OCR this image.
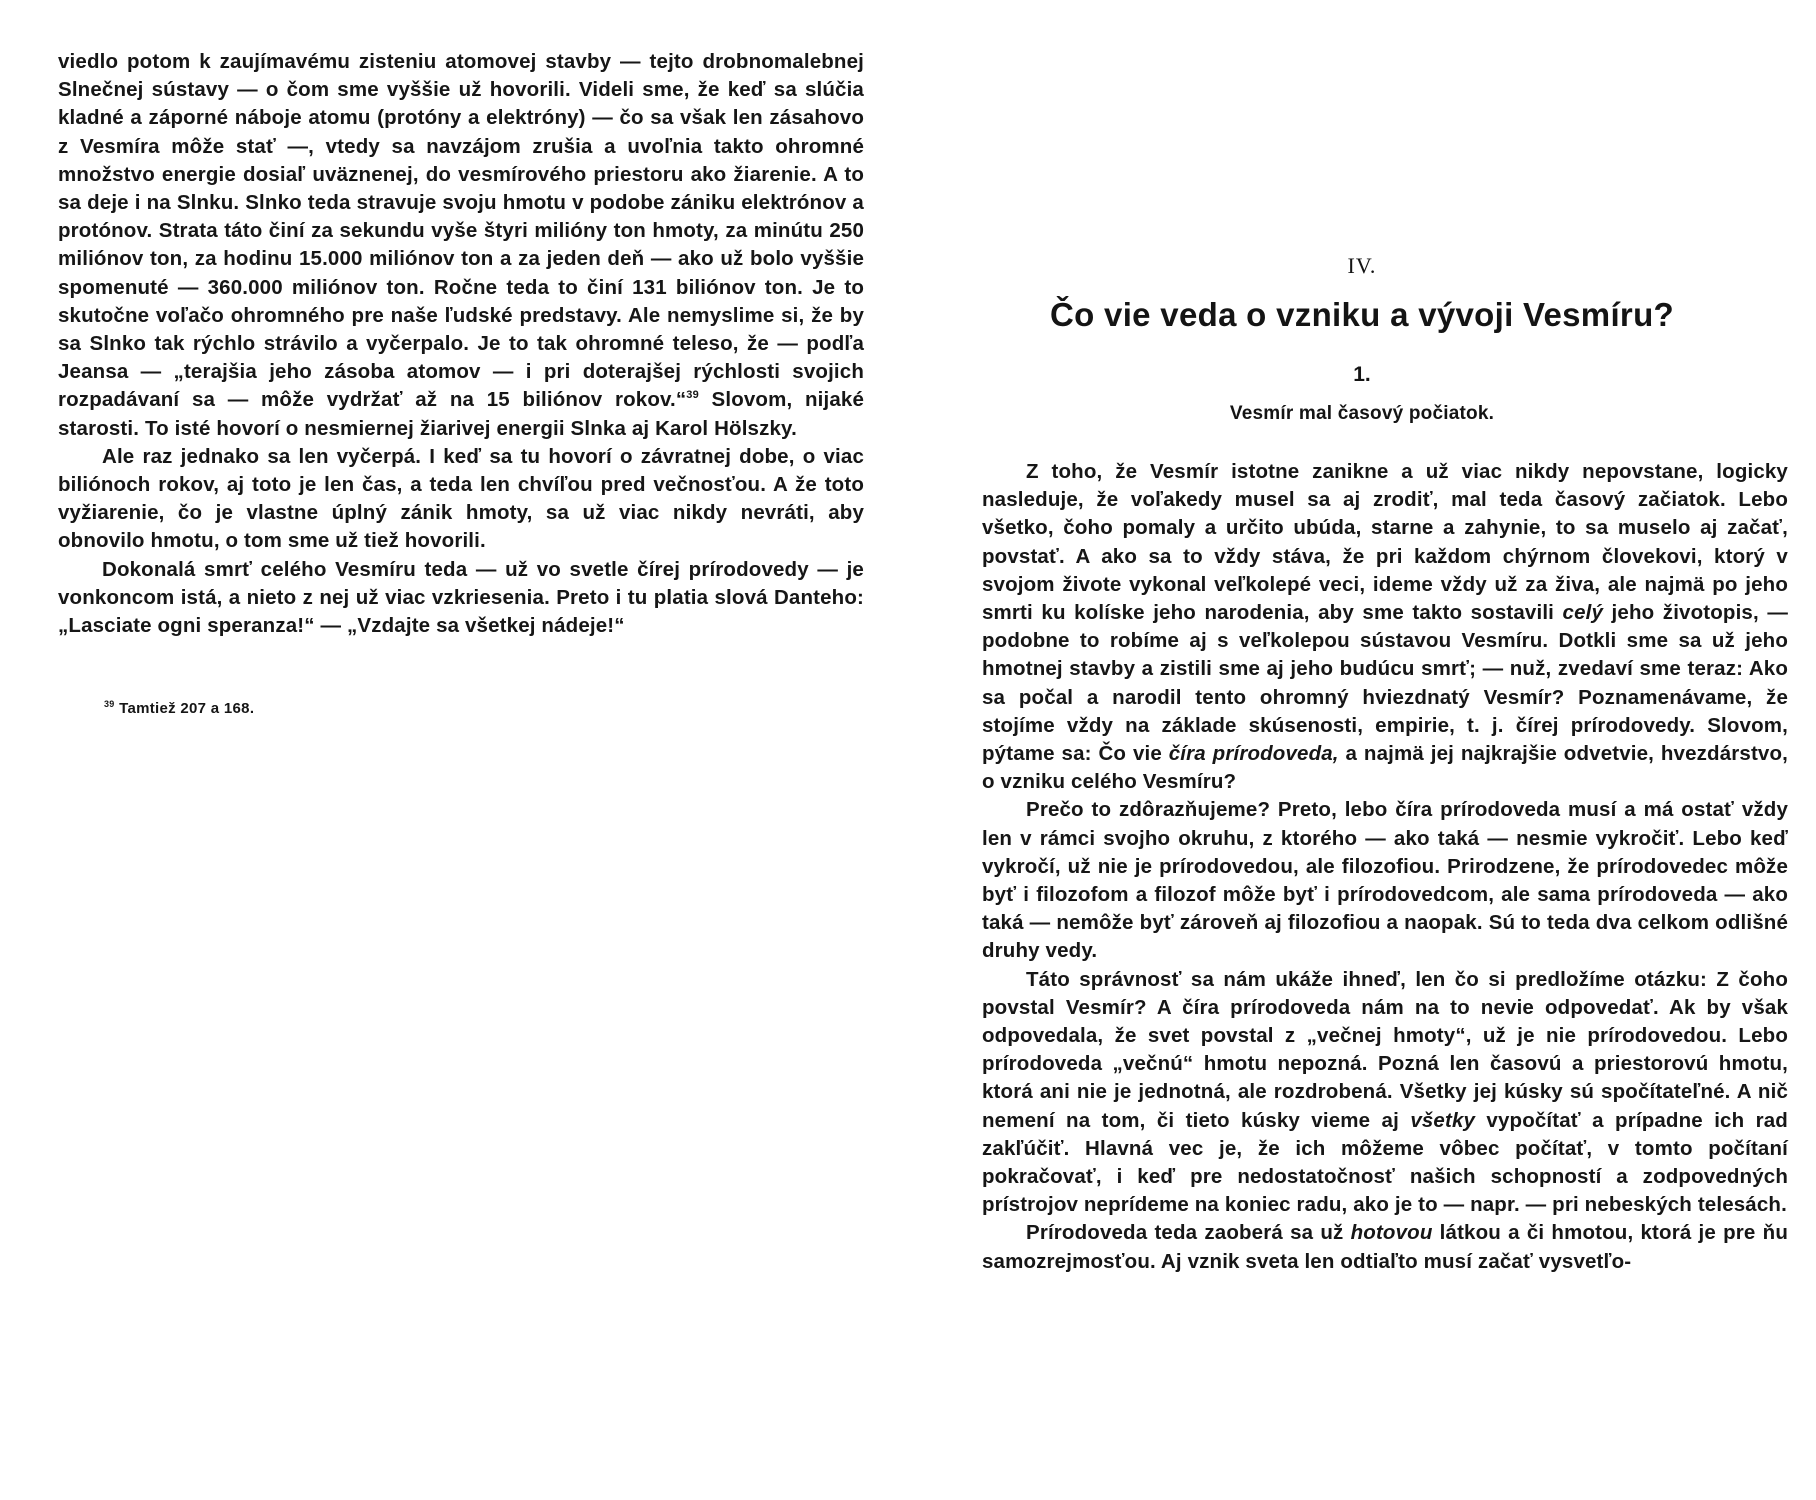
viedlo potom k zaujímavému zisteniu atomovej stavby — tejto drobnomalebnej Slnečnej sústavy — o čom sme vyššie už hovorili. Videli sme, že keď sa slúčia kladné a záporné náboje atomu (protóny a elektróny) — čo sa však len zásahovo z Vesmíra môže stať —, vtedy sa navzájom zrušia a uvoľnia takto ohromné množstvo energie dosiaľ uväznenej, do vesmírového priestoru ako žiarenie. A to sa deje i na Slnku. Slnko teda stravuje svoju hmotu v podobe zániku elektrónov a protónov. Strata táto činí za sekundu vyše štyri milióny ton hmoty, za minútu 250 miliónov ton, za hodinu 15.000 miliónov ton a za jeden deň — ako už bolo vyššie spomenuté — 360.000 miliónov ton. Ročne teda to činí 131 biliónov ton. Je to skutočne voľačo ohromného pre naše ľudské predstavy. Ale nemyslime si, že by sa Slnko tak rýchlo strávilo a vyčerpalo. Je to tak ohromné teleso, že — podľa Jeansa — „terajšia jeho zásoba atomov — i pri doterajšej rýchlosti svojich rozpadávaní sa — môže vydržať až na 15 biliónov rokov.“$^{39}$ Slovom, nijaké starosti. To isté hovorí o nesmiernej žiarivej energii Slnka aj Karol Hölszky.

Ale raz jednako sa len vyčerpá. I keď sa tu hovorí o závratnej dobe, o viac biliónoch rokov, aj toto je len čas, a teda len chvíľou pred večnosťou. A že toto vyžiarenie, čo je vlastne úplný zánik hmoty, sa už viac nikdy nevráti, aby obnovilo hmotu, o tom sme už tiež hovorili.

Dokonalá smrť celého Vesmíru teda — už vo svetle čírej prírodovedy — je vonkoncom istá, a nieto z nej už viac vzkriesenia. Preto i tu platia slová Danteho: „Lasciate ogni speranza!“ — „Vzdajte sa všetkej nádeje!“

$^{39}$ Tamtiež 207 a 168.
IV.
Čo vie veda o vzniku a vývoji Vesmíru?
1.
Vesmír mal časový počiatok.

Z toho, že Vesmír istotne zanikne a už viac nikdy nepovstane, logicky nasleduje, že voľakedy musel sa aj zrodiť, mal teda časový začiatok. Lebo všetko, čoho pomaly a určito ubúda, starne a zahynie, to sa muselo aj začať, povstať. A ako sa to vždy stáva, že pri každom chýrnom človekovi, ktorý v svojom živote vykonal veľkolepé veci, ideme vždy už za živa, ale najmä po jeho smrti ku kolíske jeho narodenia, aby sme takto sostavili celý jeho životopis, — podobne to robíme aj s veľkolepou sústavou Vesmíru. Dotkli sme sa už jeho hmotnej stavby a zistili sme aj jeho budúcu smrť; — nuž, zvedaví sme teraz: Ako sa počal a narodil tento ohromný hviezdnatý Vesmír? Poznamenávame, že stojíme vždy na základe skúsenosti, empirie, t. j. čírej prírodovedy. Slovom, pýtame sa: Čo vie číra prírodoveda, a najmä jej najkrajšie odvetvie, hvezdárstvo, o vzniku celého Vesmíru?

Prečo to zdôrazňujeme? Preto, lebo číra prírodoveda musí a má ostať vždy len v rámci svojho okruhu, z ktorého — ako taká — nesmie vykročiť. Lebo keď vykročí, už nie je prírodovedou, ale filozofiou. Prirodzene, že prírodovedec môže byť i filozofom a filozof môže byť i prírodovedcom, ale sama prírodoveda — ako taká — nemôže byť zároveň aj filozofiou a naopak. Sú to teda dva celkom odlišné druhy vedy.

Táto správnosť sa nám ukáže ihneď, len čo si predložíme otázku: Z čoho povstal Vesmír? A číra prírodoveda nám na to nevie odpovedať. Ak by však odpovedala, že svet povstal z „večnej hmoty“, už je nie prírodovedou. Lebo prírodoveda „večnú“ hmotu nepozná. Pozná len časovú a priestorovú hmotu, ktorá ani nie je jednotná, ale rozdrobená. Všetky jej kúsky sú spočítateľné. A nič nemení na tom, či tieto kúsky vieme aj všetky vypočítať a prípadne ich rad zakľúčiť. Hlavná vec je, že ich môžeme vôbec počítať, v tomto počítaní pokračovať, i keď pre nedostatočnosť našich schopností a zodpovedných prístrojov neprídeme na koniec radu, ako je to — napr. — pri nebeských telesách.

Prírodoveda teda zaoberá sa už hotovou látkou a či hmotou, ktorá je pre ňu samozrejmosťou. Aj vznik sveta len odtiaľto musí začať vysvetľo-
